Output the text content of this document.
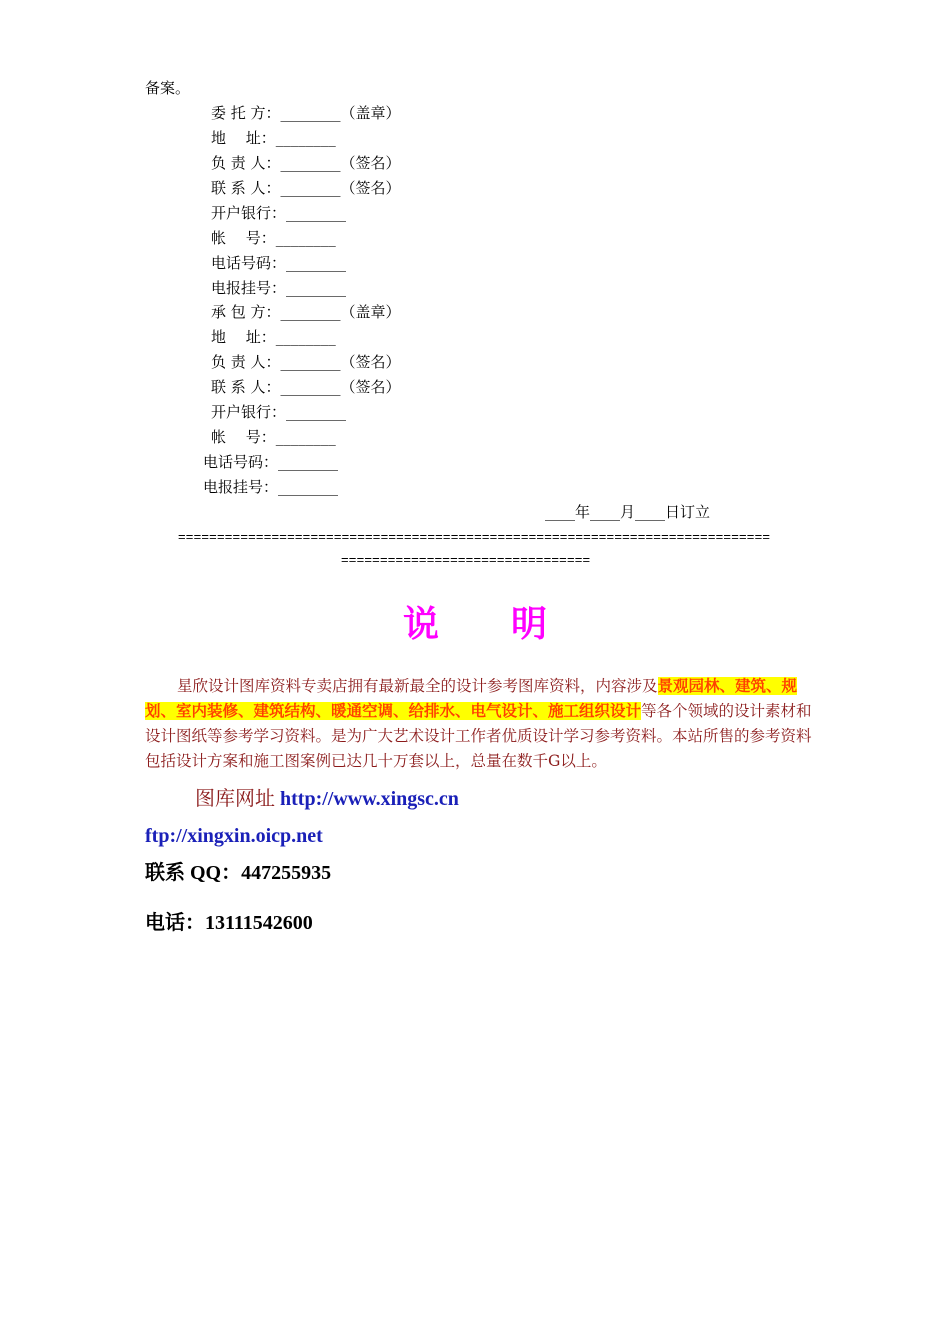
备案。
委 托 方：________（盖章）
地　 址：________
负 责 人：________（签名）
联 系 人：________（签名）
开户银行：________
帐　 号：________
电话号码：________
电报挂号：________
承 包 方：________（盖章）
地　 址：________
负 责 人：________（签名）
联 系 人：________（签名）
开户银行：________
帐　 号：________
电话号码：________
电报挂号：________
____年____月____日订立
============================================================================
================================
说　　明
星欣设计图库资料专卖店拥有最新最全的设计参考图库资料，内容涉及景观园林、建筑、规划、室内装修、建筑结构、暖通空调、给排水、电气设计、施工组织设计等各个领域的设计素材和设计图纸等参考学习资料。是为广大艺术设计工作者优质设计学习参考资料。本站所售的参考资料包括设计方案和施工图案例已达几十万套以上，总量在数千G以上。
图库网址 http://www.xingsc.cn
ftp://xingxin.oicp.net
联系 QQ：447255935
电话：13111542600
